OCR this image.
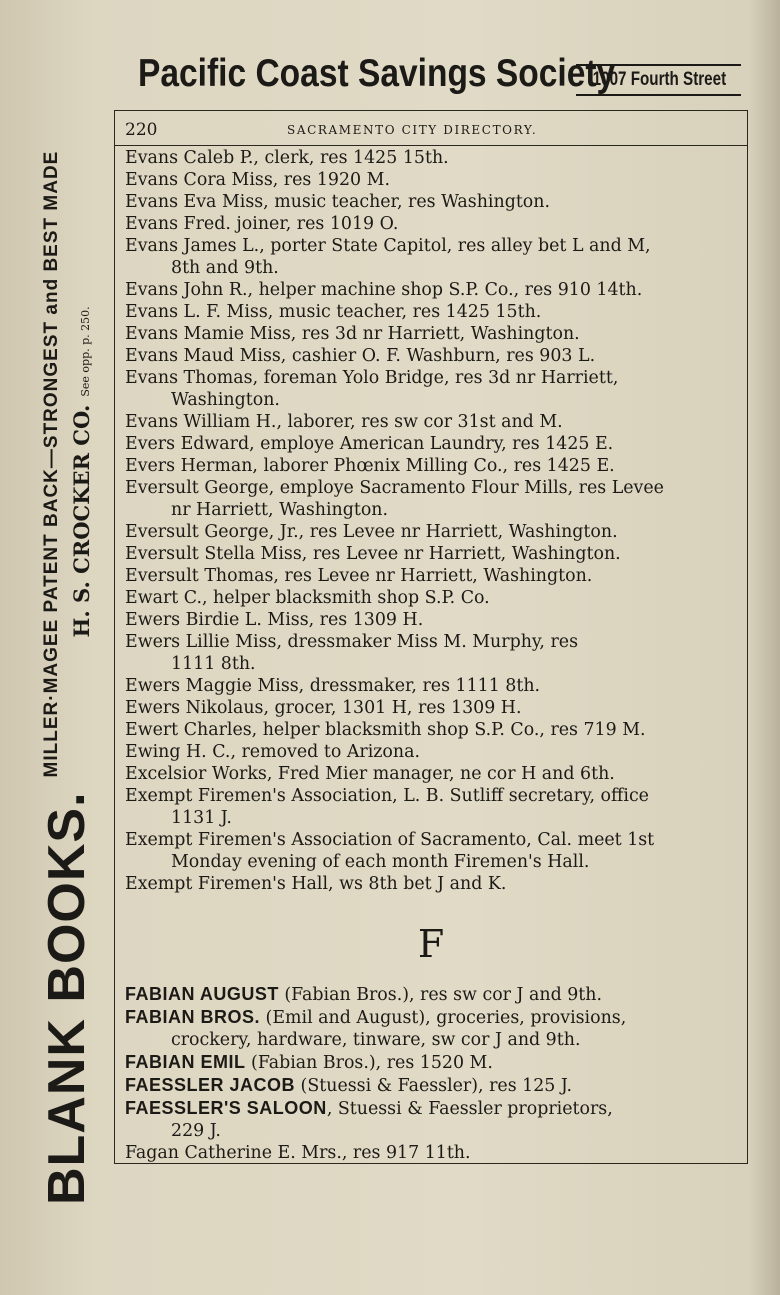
BLANK BOOKS.
MILLER·MAGEE PATENT BACK—STRONGEST and BEST MADE H. S. CROCKER CO.See opp. p. 250.
Pacific Coast Savings Society
1007 Fourth Street
220	SACRAMENTO CITY DIRECTORY.
Evans Caleb P., clerk, res 1425 15th.
Evans Cora Miss, res 1920 M.
Evans Eva Miss, music teacher, res Washington.
Evans Fred. joiner, res 1019 O.
Evans James L., porter State Capitol, res alley bet L and M,
8th and 9th.
Evans John R., helper machine shop S.P. Co., res 910 14th.
Evans L. F. Miss, music teacher, res 1425 15th.
Evans Mamie Miss, res 3d nr Harriett, Washington.
Evans Maud Miss, cashier O. F. Washburn, res 903 L.
Evans Thomas, foreman Yolo Bridge, res 3d nr Harriett,
Washington.
Evans William H., laborer, res sw cor 31st and M.
Evers Edward, employe American Laundry, res 1425 E.
Evers Herman, laborer Phœnix Milling Co., res 1425 E.
Eversult George, employe Sacramento Flour Mills, res Levee
nr Harriett, Washington.
Eversult George, Jr., res Levee nr Harriett, Washington.
Eversult Stella Miss, res Levee nr Harriett, Washington.
Eversult Thomas, res Levee nr Harriett, Washington.
Ewart C., helper blacksmith shop S.P. Co.
Ewers Birdie L. Miss, res 1309 H.
Ewers Lillie Miss, dressmaker Miss M. Murphy, res
1111 8th.
Ewers Maggie Miss, dressmaker, res 1111 8th.
Ewers Nikolaus, grocer, 1301 H, res 1309 H.
Ewert Charles, helper blacksmith shop S.P. Co., res 719 M.
Ewing H. C., removed to Arizona.
Excelsior Works, Fred Mier manager, ne cor H and 6th.
Exempt Firemen's Association, L. B. Sutliff secretary, office
1131 J.
Exempt Firemen's Association of Sacramento, Cal. meet 1st
Monday evening of each month Firemen's Hall.
Exempt Firemen's Hall, ws 8th bet J and K.
F
FABIAN AUGUST (Fabian Bros.), res sw cor J and 9th.
FABIAN BROS. (Emil and August), groceries, provisions,
crockery, hardware, tinware, sw cor J and 9th.
FABIAN EMIL (Fabian Bros.), res 1520 M.
FAESSLER JACOB (Stuessi & Faessler), res 125 J.
FAESSLER'S SALOON, Stuessi & Faessler proprietors,
229 J.
Fagan Catherine E. Mrs., res 917 11th.
